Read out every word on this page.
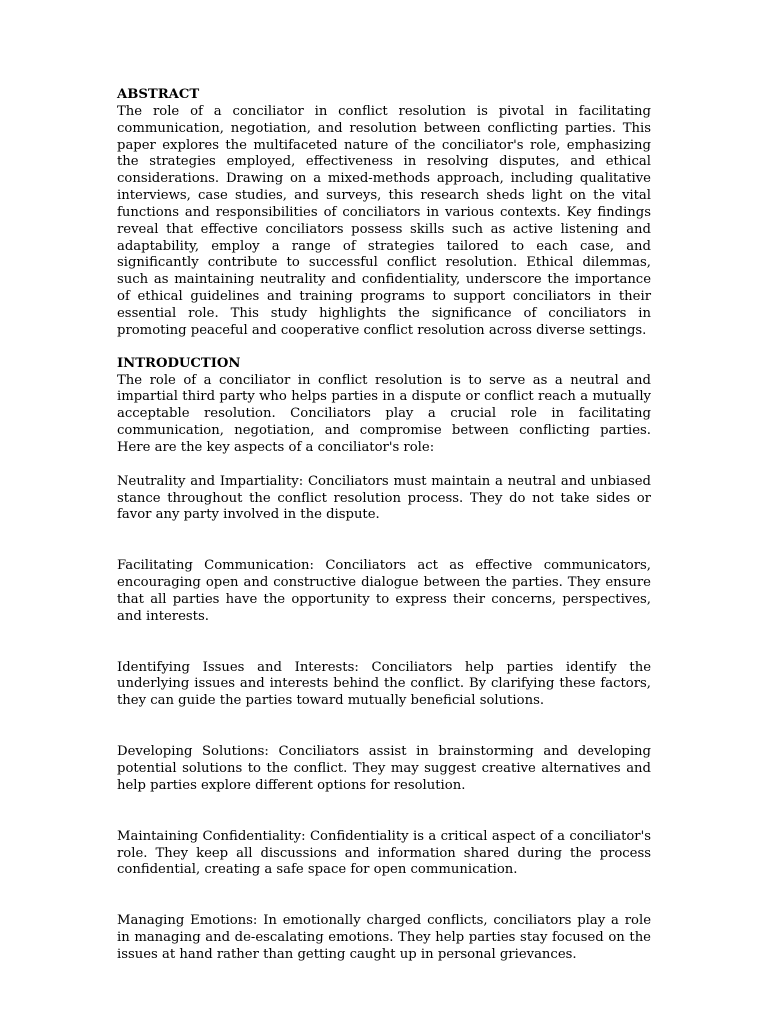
ABSTRACT
The role of a conciliator in conflict resolution is pivotal in facilitating communication, negotiation, and resolution between conflicting parties. This paper explores the multifaceted nature of the conciliator's role, emphasizing the strategies employed, effectiveness in resolving disputes, and ethical considerations. Drawing on a mixed-methods approach, including qualitative interviews, case studies, and surveys, this research sheds light on the vital functions and responsibilities of conciliators in various contexts. Key findings reveal that effective conciliators possess skills such as active listening and adaptability, employ a range of strategies tailored to each case, and significantly contribute to successful conflict resolution. Ethical dilemmas, such as maintaining neutrality and confidentiality, underscore the importance of ethical guidelines and training programs to support conciliators in their essential role. This study highlights the significance of conciliators in promoting peaceful and cooperative conflict resolution across diverse settings.
INTRODUCTION
The role of a conciliator in conflict resolution is to serve as a neutral and impartial third party who helps parties in a dispute or conflict reach a mutually acceptable resolution. Conciliators play a crucial role in facilitating communication, negotiation, and compromise between conflicting parties. Here are the key aspects of a conciliator's role:
Neutrality and Impartiality: Conciliators must maintain a neutral and unbiased stance throughout the conflict resolution process. They do not take sides or favor any party involved in the dispute.
Facilitating Communication: Conciliators act as effective communicators, encouraging open and constructive dialogue between the parties. They ensure that all parties have the opportunity to express their concerns, perspectives, and interests.
Identifying Issues and Interests: Conciliators help parties identify the underlying issues and interests behind the conflict. By clarifying these factors, they can guide the parties toward mutually beneficial solutions.
Developing Solutions: Conciliators assist in brainstorming and developing potential solutions to the conflict. They may suggest creative alternatives and help parties explore different options for resolution.
Maintaining Confidentiality: Confidentiality is a critical aspect of a conciliator's role. They keep all discussions and information shared during the process confidential, creating a safe space for open communication.
Managing Emotions: In emotionally charged conflicts, conciliators play a role in managing and de-escalating emotions. They help parties stay focused on the issues at hand rather than getting caught up in personal grievances.
